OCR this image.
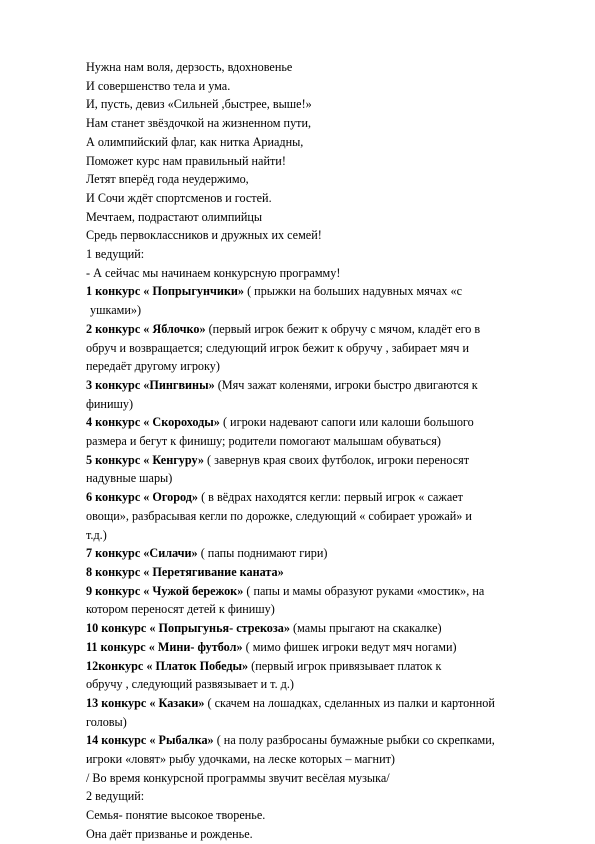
Нужна нам воля, дерзость, вдохновенье
И совершенство тела и ума.
И, пусть, девиз «Сильней ,быстрее, выше!»
Нам станет звёздочкой на жизненном пути,
А олимпийский флаг, как нитка Ариадны,
Поможет курс нам правильный найти!
Летят вперёд года неудержимо,
И Сочи ждёт спортсменов и гостей.
Мечтаем, подрастают олимпийцы
Средь первоклассников и дружных их семей!
1 ведущий:
- А сейчас мы начинаем конкурсную программу!
1 конкурс « Попрыгунчики» ( прыжки на больших надувных мячах «с
ушками»)
2 конкурс « Яблочко» (первый игрок бежит к обручу с мячом, кладёт его в
обруч и возвращается; следующий игрок бежит к обручу , забирает мяч и
передаёт другому игроку)
3 конкурс «Пингвины» (Мяч зажат коленями, игроки быстро двигаются к
финишу)
4 конкурс « Скороходы» ( игроки надевают сапоги или калоши большого
размера и бегут к финишу; родители помогают малышам обуваться)
5 конкурс « Кенгуру» ( завернув края своих футболок, игроки переносят
надувные шары)
6 конкурс « Огород» ( в вёдрах находятся кегли: первый игрок « сажает
овощи», разбрасывая кегли по дорожке, следующий « собирает урожай» и
т.д.)
7 конкурс «Силачи» ( папы поднимают гири)
8 конкурс « Перетягивание каната»
9 конкурс « Чужой бережок» ( папы и мамы образуют руками «мостик», на
котором переносят детей к финишу)
10 конкурс « Попрыгунья- стрекоза» (мамы прыгают на скакалке)
11 конкурс « Мини- футбол» ( мимо фишек игроки ведут мяч ногами)
12конкурс « Платок Победы» (первый игрок привязывает платок к
обручу , следующий развязывает и т. д.)
13 конкурс « Казаки» ( скачем на лошадках, сделанных из палки и картонной
головы)
14 конкурс « Рыбалка» ( на полу разбросаны бумажные рыбки со скрепками,
игроки «ловят» рыбу удочками, на леске которых – магнит)
/ Во время конкурсной программы звучит весёлая музыка/
2 ведущий:
Семья- понятие высокое творенье.
Она даёт призванье и рожденье.
